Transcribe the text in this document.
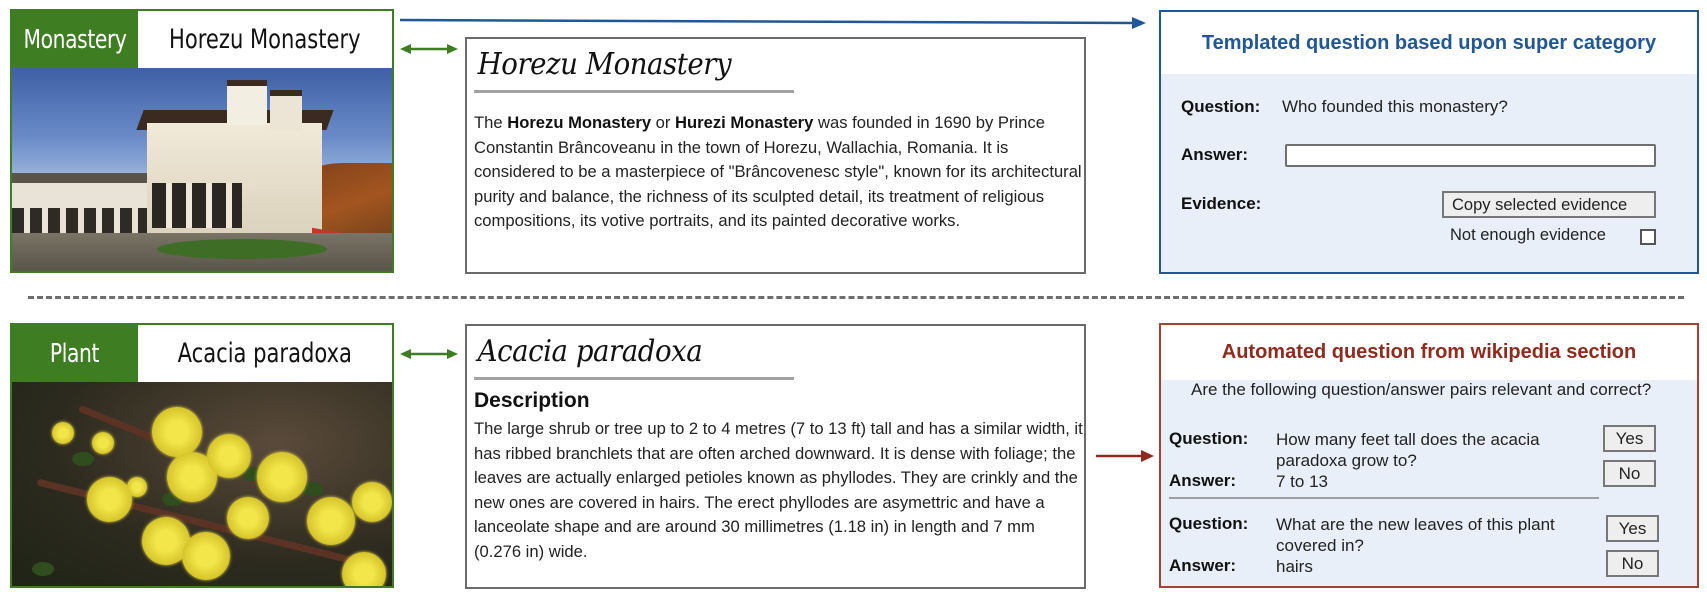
Monastery Horezu Monastery
Horezu Monastery
The Horezu Monastery or Hurezi Monastery was founded in 1690 by Prince Constantin Brâncoveanu in the town of Horezu, Wallachia, Romania. It is considered to be a masterpiece of "Brâncovenesc style", known for its architectural purity and balance, the richness of its sculpted detail, its treatment of religious compositions, its votive portraits, and its painted decorative works.
Templated question based upon super category
Question: Who founded this monastery?
Answer:
Evidence:	Copy selected evidence
Not enough evidence
Plant	Acacia paradoxa	Acacia paradoxa
Description
The large shrub or tree up to 2 to 4 metres (7 to 13 ft) tall and has a similar width, it has ribbed branchlets that are often arched downward. It is dense with foliage; the leaves are actually enlarged petioles known as phyllodes. They are crinkly and the new ones are covered in hairs. The erect phyllodes are asymettric and have a lanceolate shape and are around 30 millimetres (1.18 in) in length and 7 mm (0.276 in) wide.
Automated question from wikipedia section
Are the following question/answer pairs relevant and correct?
Question: How many feet tall does the acacia paradoxa grow to?
Answer: 7 to 13
Yes
No
Question: What are the new leaves of this plant covered in?
Answer: hairs
Yes
No
